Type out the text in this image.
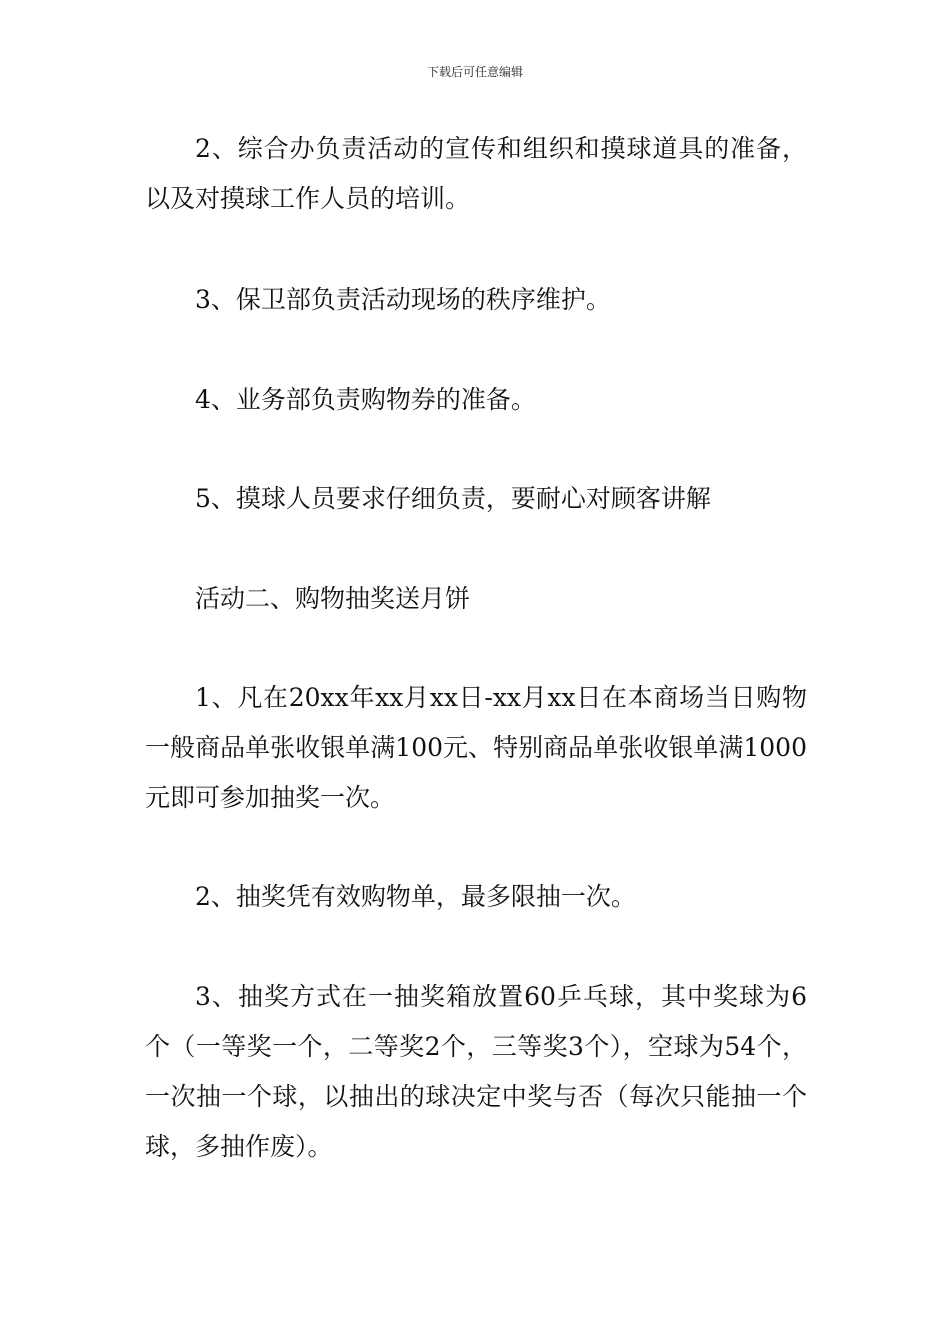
下载后可任意编辑

2、综合办负责活动的宣传和组织和摸球道具的准备，以及对摸球工作人员的培训。

3、保卫部负责活动现场的秩序维护。

4、业务部负责购物券的准备。

5、摸球人员要求仔细负责，要耐心对顾客讲解

活动二、购物抽奖送月饼

1、凡在20xx年xx月xx日-xx月xx日在本商场当日购物一般商品单张收银单满100元、特别商品单张收银单满1000元即可参加抽奖一次。

2、抽奖凭有效购物单，最多限抽一次。

3、抽奖方式在一抽奖箱放置60乒乓球，其中奖球为6个（一等奖一个，二等奖2个，三等奖3个），空球为54个，一次抽一个球，以抽出的球决定中奖与否（每次只能抽一个球，多抽作废）。
